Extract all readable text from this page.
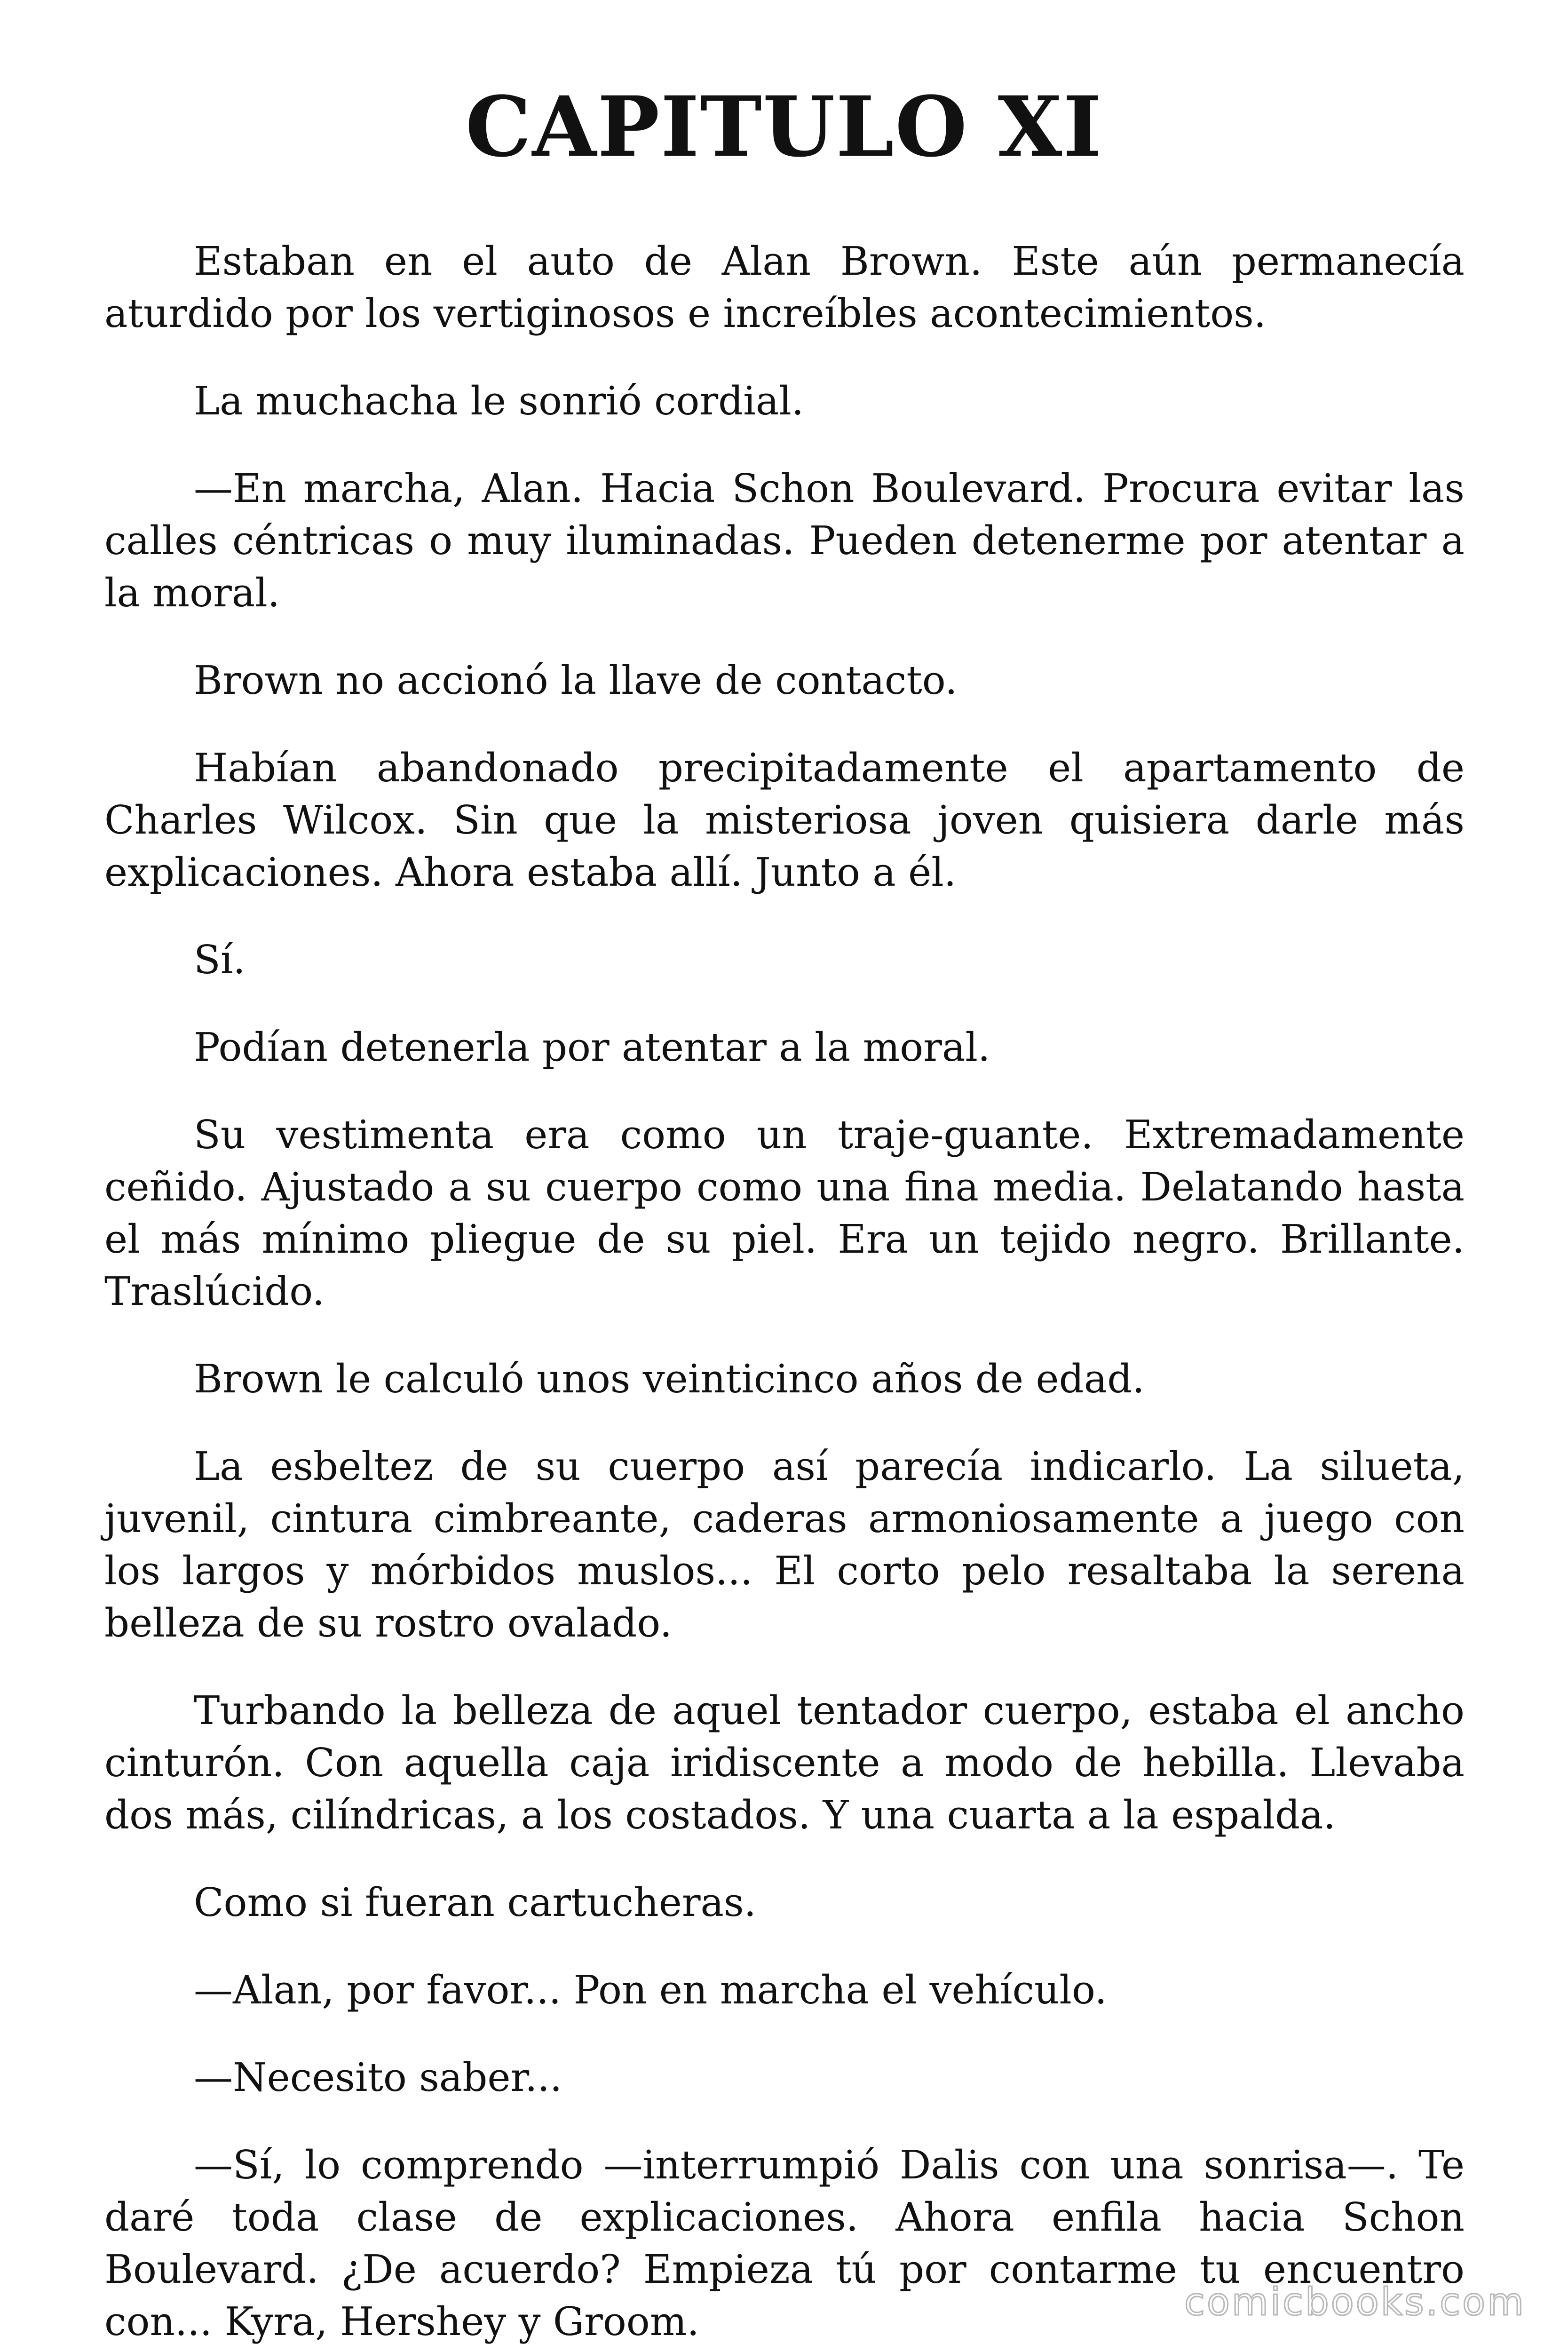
CAPITULO XI

Estaban en el auto de Alan Brown. Este aún permanecía aturdido por los vertiginosos e increíbles acontecimientos.

La muchacha le sonrió cordial.

—En marcha, Alan. Hacia Schon Boulevard. Procura evitar las calles céntricas o muy iluminadas. Pueden detenerme por atentar a la moral.

Brown no accionó la llave de contacto.

Habían abandonado precipitadamente el apartamento de Charles Wilcox. Sin que la misteriosa joven quisiera darle más explicaciones. Ahora estaba allí. Junto a él.

Sí.

Podían detenerla por atentar a la moral.

Su vestimenta era como un traje-guante. Extremadamente ceñido. Ajustado a su cuerpo como una fina media. Delatando hasta el más mínimo pliegue de su piel. Era un tejido negro. Brillante. Traslúcido.

Brown le calculó unos veinticinco años de edad.

La esbeltez de su cuerpo así parecía indicarlo. La silueta, juvenil, cintura cimbreante, caderas armoniosamente a juego con los largos y mórbidos muslos... El corto pelo resaltaba la serena belleza de su rostro ovalado.

Turbando la belleza de aquel tentador cuerpo, estaba el ancho cinturón. Con aquella caja iridiscente a modo de hebilla. Llevaba dos más, cilíndricas, a los costados. Y una cuarta a la espalda.

Como si fueran cartucheras.

—Alan, por favor... Pon en marcha el vehículo.

—Necesito saber...

—Sí, lo comprendo —interrumpió Dalis con una sonrisa—. Te daré toda clase de explicaciones. Ahora enfila hacia Schon Boulevard. ¿De acuerdo? Empieza tú por contarme tu encuentro con... Kyra, Hershey y Groom.	comicbooks.com
